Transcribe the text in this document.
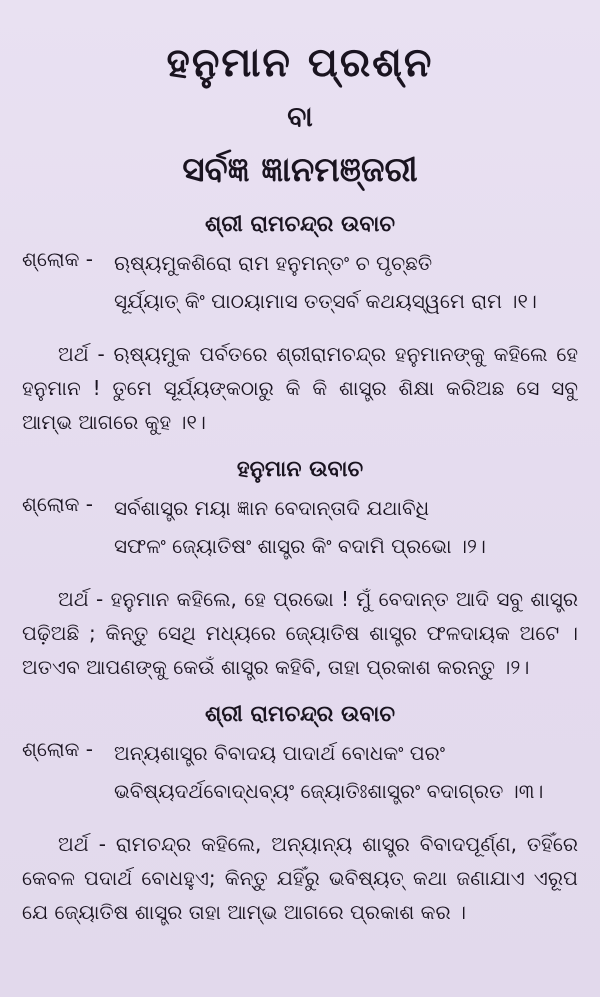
ହନୁମାନ ପ୍ରଶ୍ନ
ବା
ସର୍ବଜ୍ଞ ଜ୍ଞାନମଞ୍ଜରୀ
ଶ୍ରୀ ରାମଚନ୍ଦ୍ର ଉବାଚ
ଶ୍ଲୋକ -	ଋଷ୍ୟମୁକଶିରୋ ରାମ ହନୁମନ୍ତଂ ଚ ପୃଚ୍ଛତି
ସୂର୍ଯ୍ୟାତ୍ କିଂ ପାଠୟାମାସ ତତ୍ସର୍ବ କଥୟସ୍ୱମେ ରାମ ।୧।
ଅର୍ଥ - ଋଷ୍ୟମୁକ ପର୍ବତରେ ଶ୍ରୀରାମଚନ୍ଦ୍ର ହନୁମାନଙ୍କୁ କହିଲେ ହେ ହନୁମାନ ! ତୁମେ ସୂର୍ଯ୍ୟଙ୍କଠାରୁ କି କି ଶାସ୍ତ୍ର ଶିକ୍ଷା କରିଅଛ ସେ ସବୁ ଆମ୍ଭ ଆଗରେ କୁହ ।୧।
ହନୁମାନ ଉବାଚ
ଶ୍ଲୋକ -	ସର୍ବଶାସ୍ତ୍ର ମୟା ଜ୍ଞାନ ବେଦାନ୍ତାଦି ଯଥାବିଧି
ସଫଳଂ ଜ୍ୟୋତିଷଂ ଶାସ୍ତ୍ର କିଂ ବଦାମି ପ୍ରଭୋ ।୨।
ଅର୍ଥ - ହନୁମାନ କହିଲେ, ହେ ପ୍ରଭୋ ! ମୁଁ ବେଦାନ୍ତ ଆଦି ସବୁ ଶାସ୍ତ୍ର ପଢ଼ିଅଛି ; କିନ୍ତୁ ସେଥି ମଧ୍ୟରେ ଜ୍ୟୋତିଷ ଶାସ୍ତ୍ର ଫଳଦାୟକ ଅଟେ । ଅତଏବ ଆପଣଙ୍କୁ କେଉଁ ଶାସ୍ତ୍ର କହିବି, ତାହା ପ୍ରକାଶ କରନ୍ତୁ ।୨।
ଶ୍ରୀ ରାମଚନ୍ଦ୍ର ଉବାଚ
ଶ୍ଲୋକ -	ଅନ୍ୟଶାସ୍ତ୍ର ବିବାଦୟ ପାଦାର୍ଥ ବୋଧକଂ ପରଂ
ଭବିଷ୍ୟଦର୍ଥବୋଦ୍ଧବ୍ୟଂ ଜ୍ୟୋତିଃଶାସ୍ତ୍ରଂ ବଦାଗ୍ରତ ।୩।
ଅର୍ଥ - ରାମଚନ୍ଦ୍ର କହିଲେ, ଅନ୍ୟାନ୍ୟ ଶାସ୍ତ୍ର ବିବାଦପୂର୍ଣ୍ଣ, ତହିଁରେ କେବଳ ପଦାର୍ଥ ବୋଧହୁଏ; କିନ୍ତୁ ଯହିଁରୁ ଭବିଷ୍ୟତ୍ କଥା ଜଣାଯାଏ ଏରୂପ ଯେ ଜ୍ୟୋତିଷ ଶାସ୍ତ୍ର ତାହା ଆମ୍ଭ ଆଗରେ ପ୍ରକାଶ କର ।
